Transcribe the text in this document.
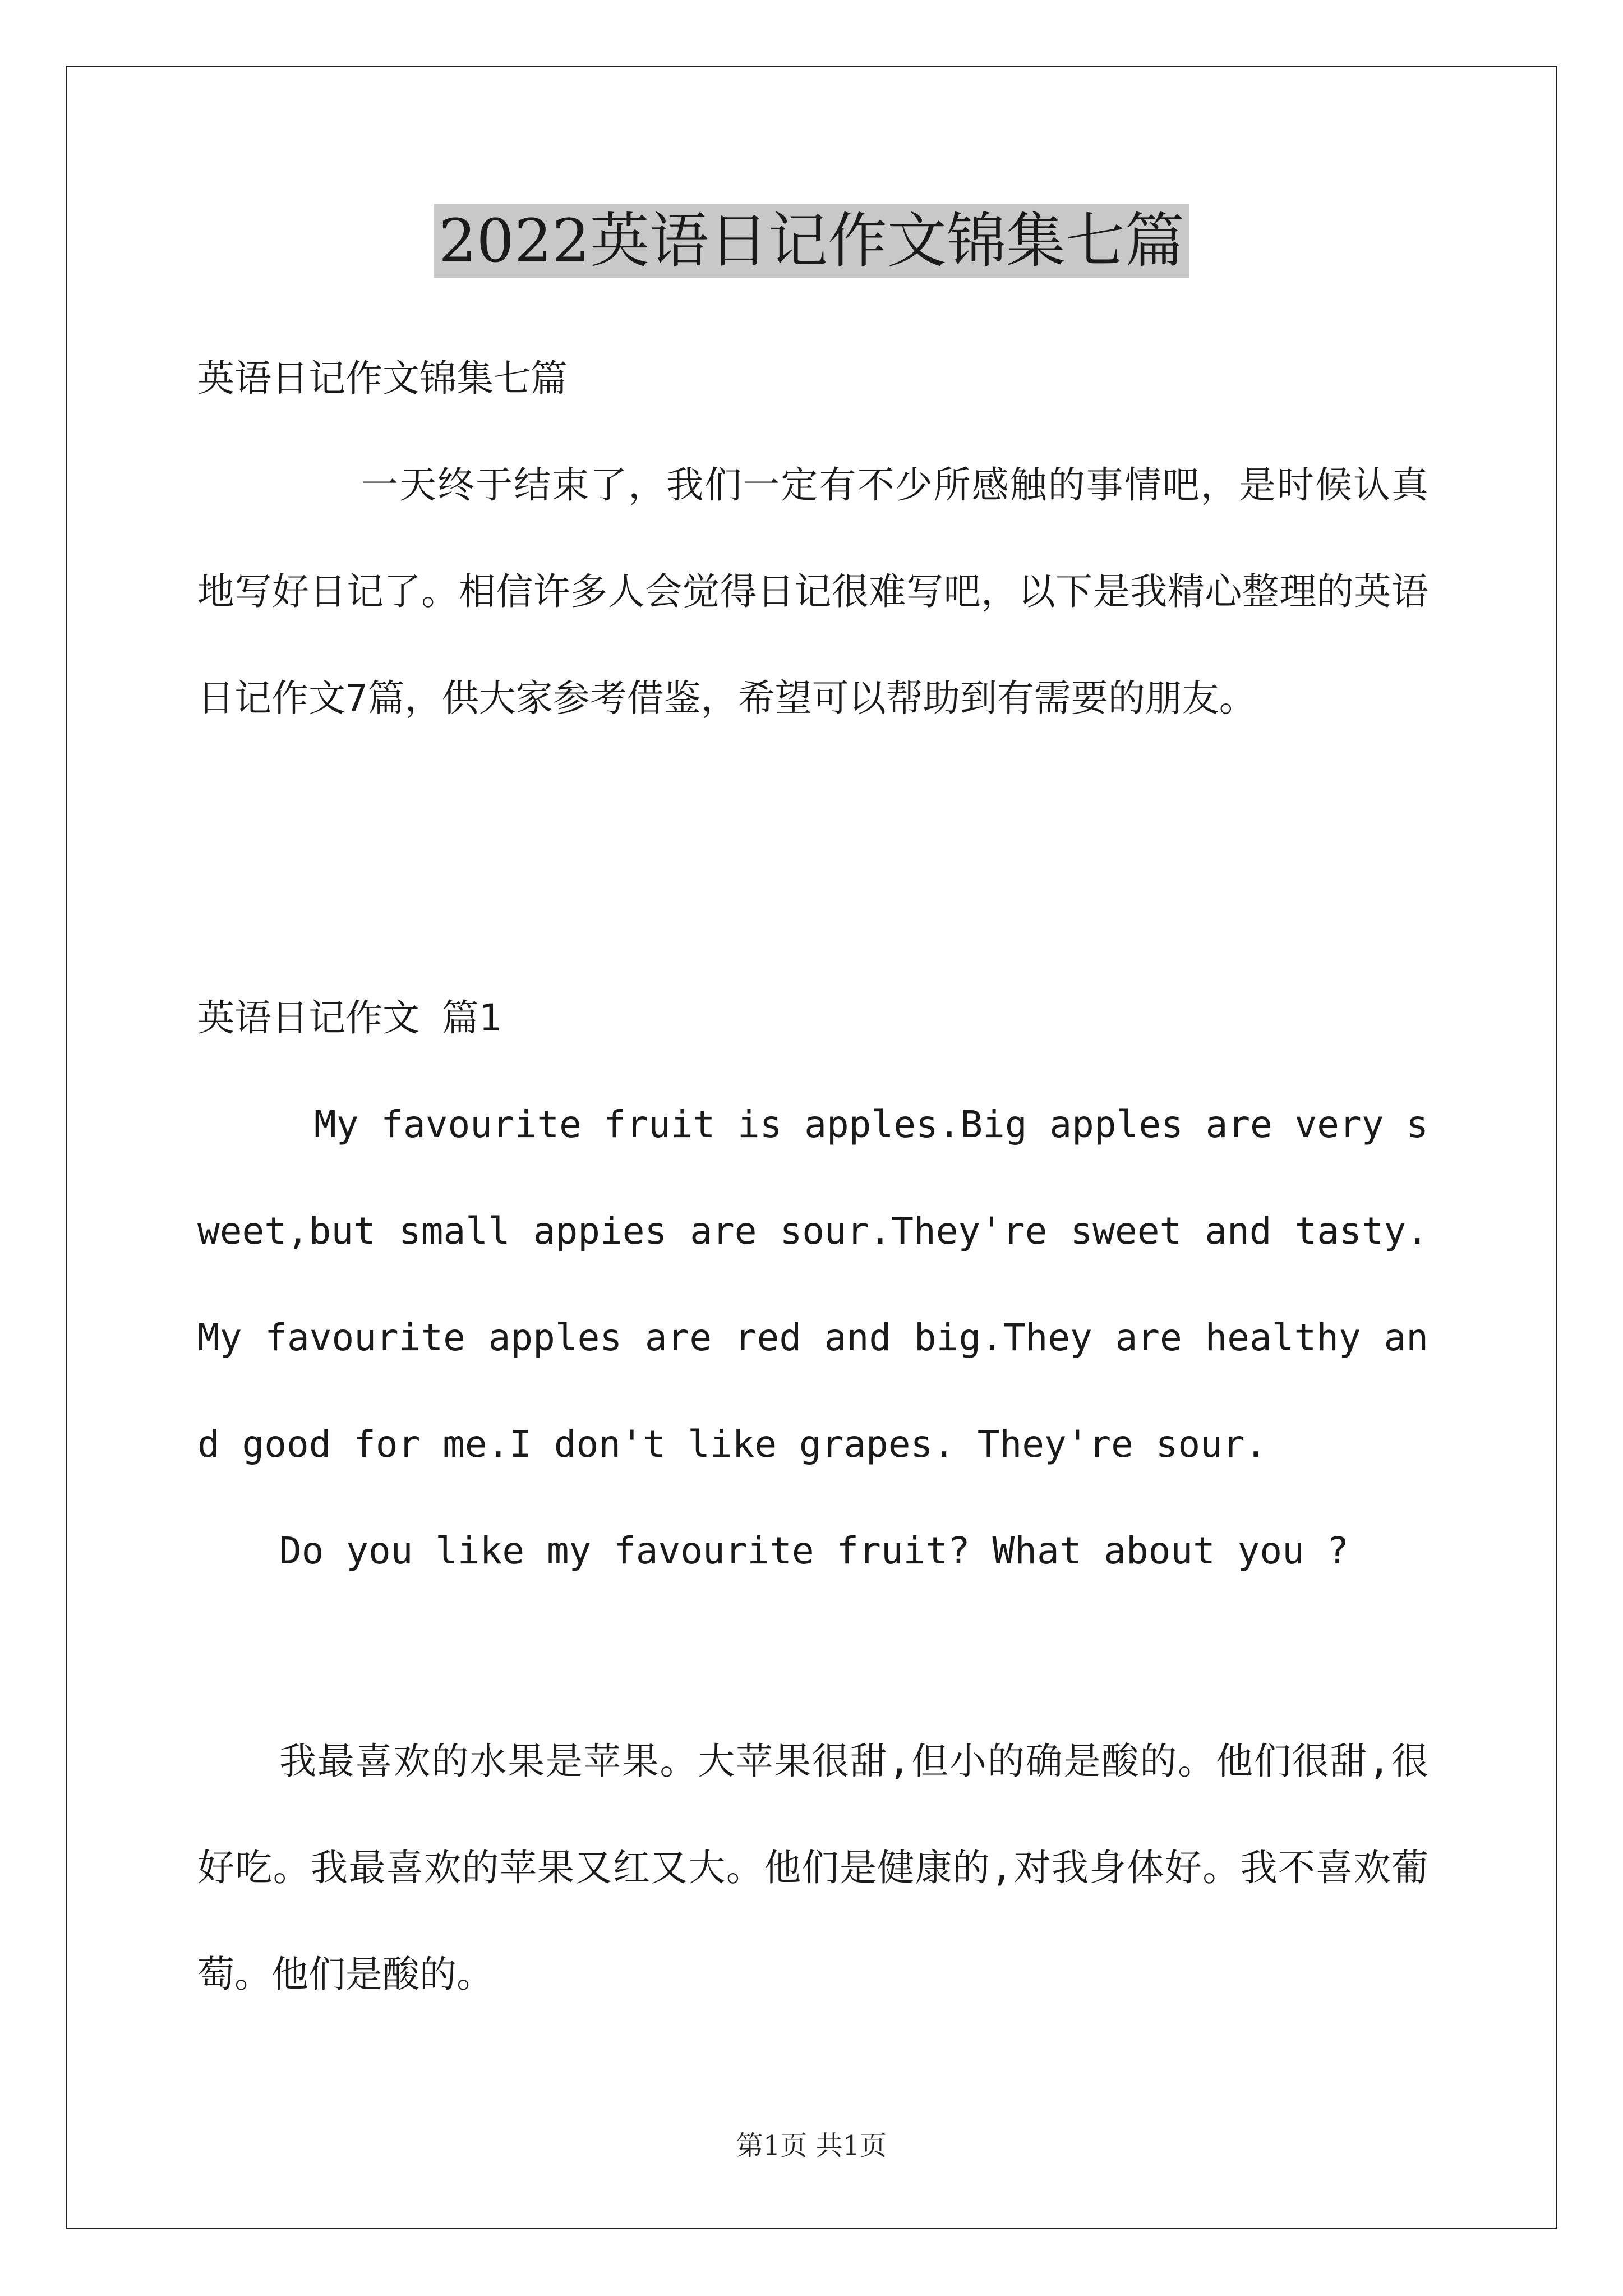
2022英语日记作文锦集七篇

英语日记作文锦集七篇

一天终于结束了，我们一定有不少所感触的事情吧，是时候认真地写好日记了。相信许多人会觉得日记很难写吧，以下是我精心整理的英语日记作文7篇，供大家参考借鉴，希望可以帮助到有需要的朋友。

英语日记作文 篇1

My favourite fruit is apples.Big apples are very sweet,but small appies are sour.They're sweet and tasty.My favourite apples are red and big.They are healthy and good for me.I don't like grapes. They're sour.

Do you like my favourite fruit? What about you ?

我最喜欢的水果是苹果。大苹果很甜,但小的确是酸的。他们很甜,很好吃。我最喜欢的苹果又红又大。他们是健康的,对我身体好。我不喜欢葡萄。他们是酸的。

第1页 共1页
